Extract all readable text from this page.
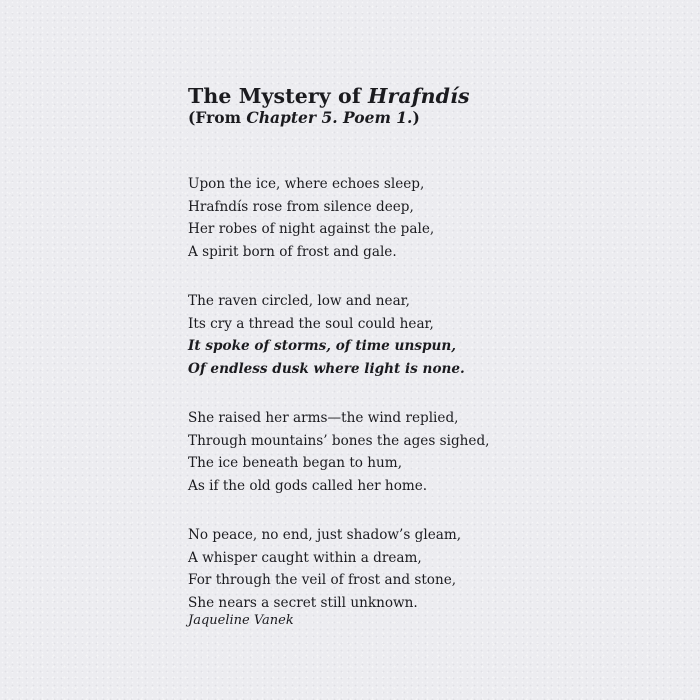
The Mystery of Hrafndís

(From Chapter 5. Poem 1.)

Upon the ice, where echoes sleep,
Hrafndís rose from silence deep,
Her robes of night against the pale,
A spirit born of frost and gale.
The raven circled, low and near,
Its cry a thread the soul could hear,
It spoke of storms, of time unspun,
Of endless dusk where light is none.
She raised her arms—the wind replied,
Through mountains’ bones the ages sighed,
The ice beneath began to hum,
As if the old gods called her home.
No peace, no end, just shadow’s gleam,
A whisper caught within a dream,
For through the veil of frost and stone,
She nears a secret still unknown.
Jaqueline Vanek
